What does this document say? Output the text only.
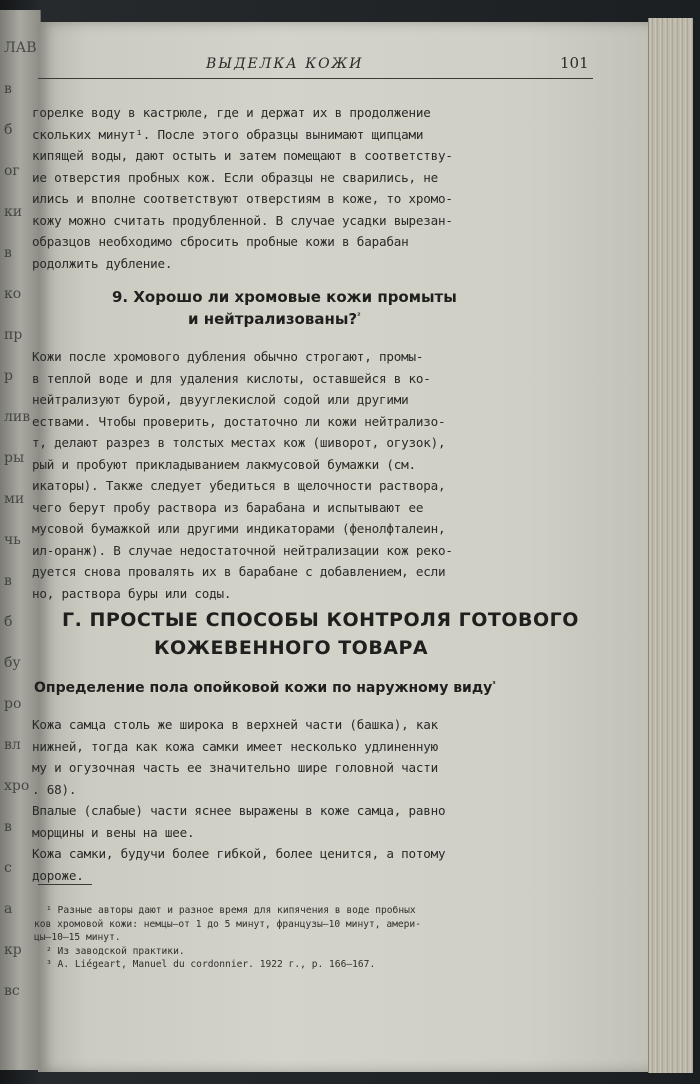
ЛАВ
в
б
ог
ки
в
ко
пр
р
лив
ры
ми
чь
в
б
бу
ро
вл
хро
в
с
а
кр
вс
ВЫДЕЛКА КОЖИ	101

горелке воду в кастрюле, где и держат их в продолжение

скольких минут¹. После этого образцы вынимают щипцами

кипящей воды, дают остыть и затем помещают в соответству-

ие отверстия пробных кож. Если образцы не сварились, не

ились и вполне соответствуют отверстиям в коже, то хромо-

кожу можно считать продубленной. В случае усадки вырезан-

образцов необходимо сбросить пробные кожи в барабан

родолжить дубление.

9. Хорошо ли хромовые кожи промыты
и нейтрализованы?$^{^2}$

Кожи после хромового дубления обычно строгают, промы-

в теплой воде и для удаления кислоты, оставшейся в ко-

нейтрализуют бурой, двууглекислой содой или другими

ествами. Чтобы проверить, достаточно ли кожи нейтрализо-

т, делают разрез в толстых местах кож (шиворот, огузок),

рый и пробуют прикладыванием лакмусовой бумажки (см.

икаторы). Также следует убедиться в щелочности раствора,

чего берут пробу раствора из барабана и испытывают ее

мусовой бумажкой или другими индикаторами (фенолфталеин,

ил-оранж). В случае недостаточной нейтрализации кож реко-

дуется снова провалять их в барабане с добавлением, если

но, раствора буры или соды.

Г. ПРОСТЫЕ СПОСОБЫ КОНТРОЛЯ ГОТОВОГО
КОЖЕВЕННОГО ТОВАРА
Определение пола опойковой кожи по наружному виду$^{^3}$

Кожа самца столь же широка в верхней части (башка), как

нижней, тогда как кожа самки имеет несколько удлиненную

му и огузочная часть ее значительно шире головной части

. 68).

Впалые (слабые) части яснее выражены в коже самца, равно

морщины и вены на шее.

Кожа самки, будучи более гибкой, более ценится, а потому

дороже.

¹ Разные авторы дают и разное время для кипячения в воде пробных

ков хромовой кожи: немцы—от 1 до 5 минут, французы—10 минут, амери-

цы—10—15 минут.

² Из заводской практики.

³ A. Liégeart, Manuel du cordonnier. 1922 г., p. 166—167.
